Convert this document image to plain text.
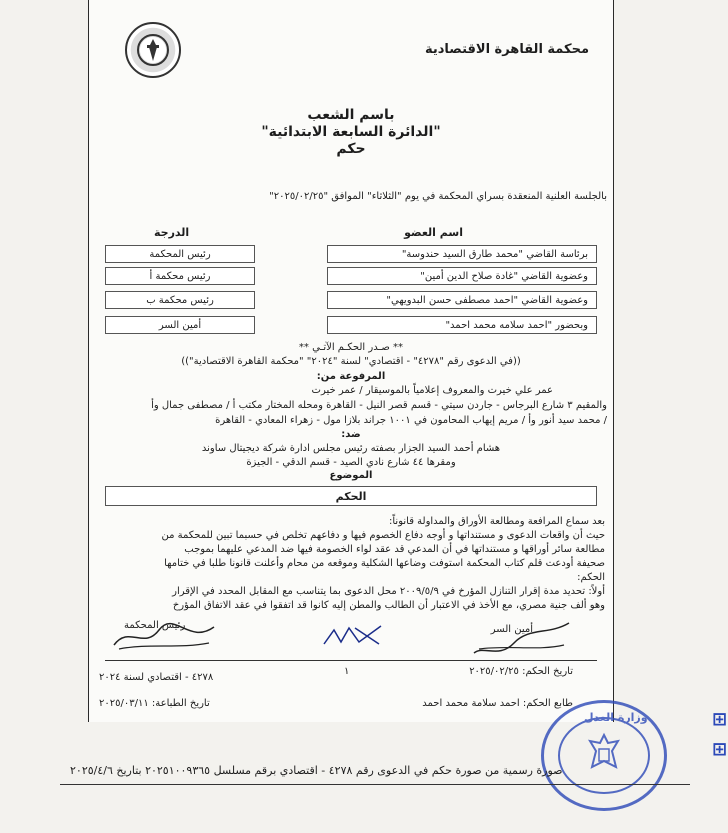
محكمة القاهرة الاقتصادية
باسم الشعب
"الدائرة السابعة الابتدائية"
حكم
بالجلسة العلنية المنعقدة بسراي المحكمة في يوم "الثلاثاء" الموافق "٢٠٢٥/٠٢/٢٥"
اسم العضو
الدرجة
برئاسة القاضي "محمد طارق السيد حندوسة"
رئيس المحكمة
وعضوية القاضي "غادة صلاح الدين أمين"
رئيس محكمة أ
وعضوية القاضي "احمد مصطفى حسن البدويهي"
رئيس محكمة ب
وبحضور "احمد سلامه محمد احمد"
أمين السر
** صـدر الحكـم الآتـي **
((في الدعوى رقم "٤٢٧٨" - اقتصادي" لسنة "٢٠٢٤" "محكمة القاهرة الاقتصادية"))
المرفوعة من:
عمر علي خيرت والمعروف إعلامياً بالموسيقار / عمر خيرت
والمقيم ٣ شارع البرجاس - جاردن سيتي - قسم قصر النيل - القاهرة ومحله المختار مكتب أ / مصطفى جمال وأ
/ محمد سيد أنور وأ / مريم إيهاب المحامون في ١٠٠١ جراند بلازا مول - زهراء المعادي - القاهرة
ضد:
هشام أحمد السيد الجزار بصفته رئيس مجلس ادارة شركة ديجيتال ساوند
ومقرها ٤٤ شارع نادي الصيد - قسم الدقي - الجيزة
الموضوع
الحكم
بعد سماع المرافعة ومطالعة الأوراق والمداولة قانوناً:
حيث أن واقعات الدعوى و مستنداتها و أوجه دفاع الخصوم فيها و دفاعهم تخلص في حسبما تبين للمحكمة من
مطالعة سائر أوراقها و مستنداتها في أن المدعي قد عقد لواء الخصومة فيها ضد المدعي عليهما بموجب
صحيفة أودعت قلم كتاب المحكمة استوفت وضاعها الشكلية وموقعه من محام وأعلنت قانونا طلبا في ختامها
الحكم:
أولاً: تحديد مدة إقرار التنازل المؤرخ في ٢٠٠٩/٥/٩ محل الدعوى بما يتناسب مع المقابل المحدد في الإقرار
وهو ألف جنية مصري، مع الأخذ في الاعتبار أن الطالب والمطن إليه كانوا قد اتفقوا في عقد الاتفاق المؤرخ
رئيس المحكمة	أمين السر
تاريخ الحكم: ٢٠٢٥/٠٢/٢٥
١
٤٢٧٨ - اقتصادي لسنة ٢٠٢٤
طابع الحكم: احمد سلامة محمد احمد
تاريخ الطباعة: ٢٠٢٥/٠٣/١١
وزارة العدل	⊞
⊞
صورة رسمية من صورة حكم في الدعوى رقم ٤٢٧٨ - اقتصادي برقم مسلسل ٢٠٢٥١٠٠٩٣٦٥ بتاريخ ٢٠٢٥/٤/٦
